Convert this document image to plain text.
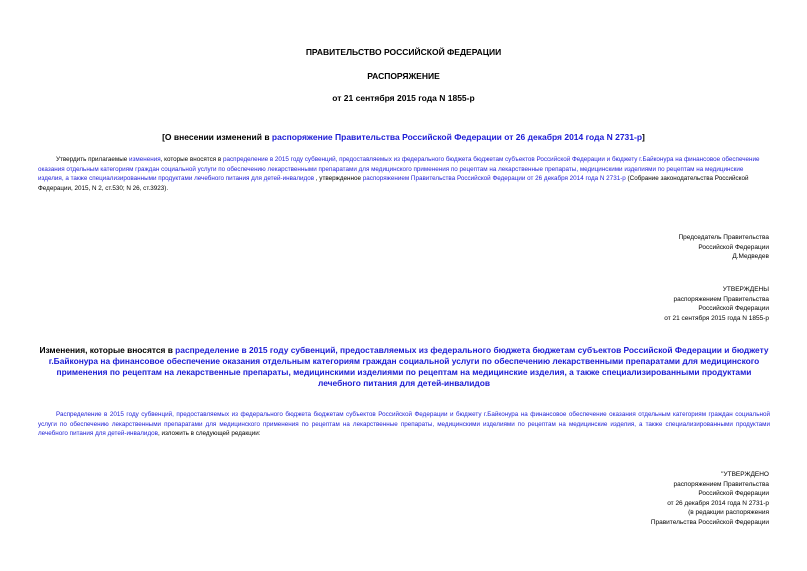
ПРАВИТЕЛЬСТВО РОССИЙСКОЙ ФЕДЕРАЦИИ
РАСПОРЯЖЕНИЕ
от 21 сентября 2015 года N 1855-р
[О внесении изменений в распоряжение Правительства Российской Федерации от 26 декабря 2014 года N 2731-р]
Утвердить прилагаемые изменения, которые вносятся в распределение в 2015 году субвенций, предоставляемых из федерального бюджета бюджетам субъектов Российской Федерации и бюджету г.Байконура на финансовое обеспечение оказания отдельным категориям граждан социальной услуги по обеспечению лекарственными препаратами для медицинского применения по рецептам на лекарственные препараты, медицинскими изделиями по рецептам на медицинские изделия, а также специализированными продуктами лечебного питания для детей-инвалидов , утвержденное распоряжением Правительства Российской Федерации от 26 декабря 2014 года N 2731-р (Собрание законодательства Российской Федерации, 2015, N 2, ст.530; N 26, ст.3923).
Председатель Правительства
Российской Федерации
Д.Медведев
УТВЕРЖДЕНЫ
распоряжением Правительства
Российской Федерации
от 21 сентября 2015 года N 1855-р
Изменения, которые вносятся в распределение в 2015 году субвенций, предоставляемых из федерального бюджета бюджетам субъектов Российской Федерации и бюджету г.Байконура на финансовое обеспечение оказания отдельным категориям граждан социальной услуги по обеспечению лекарственными препаратами для медицинского применения по рецептам на лекарственные препараты, медицинскими изделиями по рецептам на медицинские изделия, а также специализированными продуктами лечебного питания для детей-инвалидов
Распределение в 2015 году субвенций, предоставляемых из федерального бюджета бюджетам субъектов Российской Федерации и бюджету г.Байконура на финансовое обеспечение оказания отдельным категориям граждан социальной услуги по обеспечению лекарственными препаратами для медицинского применения по рецептам на лекарственные препараты, медицинскими изделиями по рецептам на медицинские изделия, а также специализированными продуктами лечебного питания для детей-инвалидов, изложить в следующей редакции:
"УТВЕРЖДЕНО
распоряжением Правительства
Российской Федерации
от 26 декабря 2014 года N 2731-р
(в редакции распоряжения
Правительства Российской Федерации
